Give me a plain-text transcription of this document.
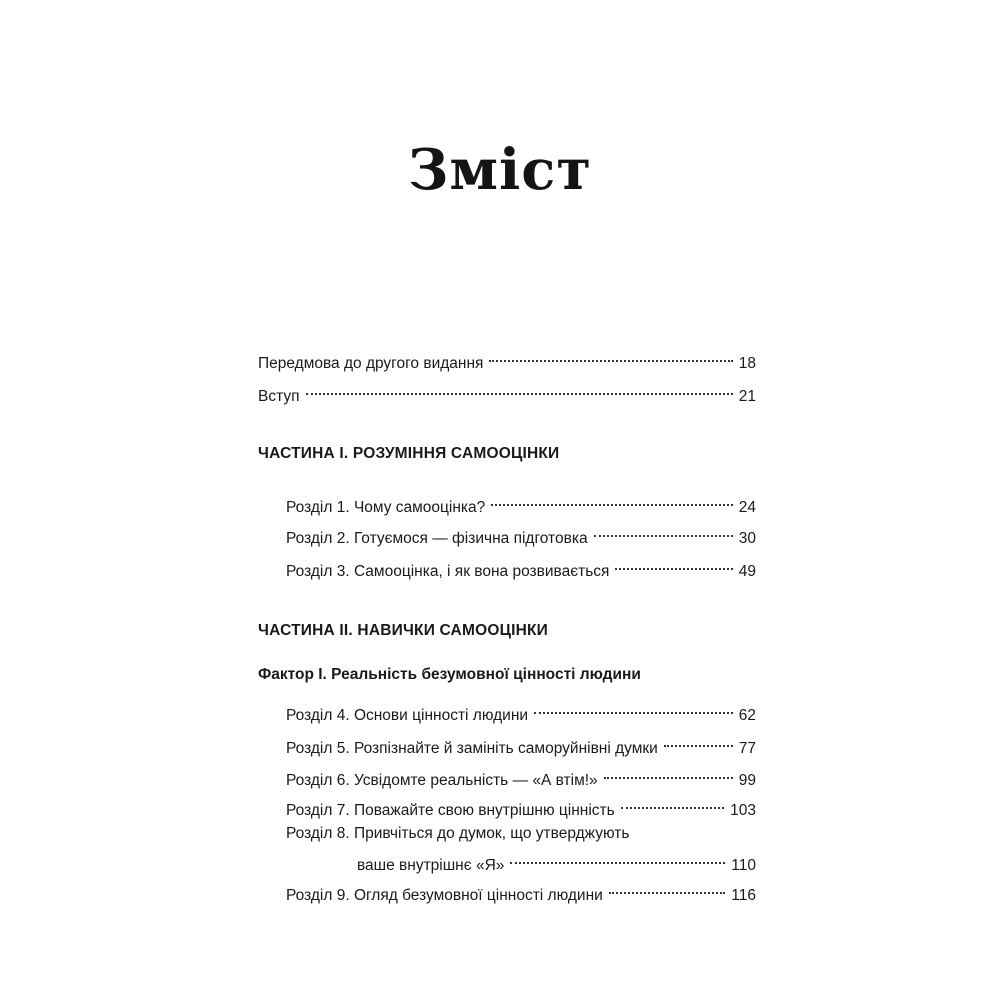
Зміст
Передмова до другого видання	18
Вступ	21
ЧАСТИНА І. РОЗУМІННЯ САМООЦІНКИ
Розділ 1. Чому самооцінка?	24
Розділ 2. Готуємося — фізична підготовка	30
Розділ 3. Самооцінка, і як вона розвивається	49
ЧАСТИНА ІІ. НАВИЧКИ САМООЦІНКИ
Фактор І. Реальність безумовної цінності людини
Розділ 4. Основи цінності людини	62
Розділ 5. Розпізнайте й замініть саморуйнівні думки	77
Розділ 6. Усвідомте реальність — «А втім!»	99
Розділ 7. Поважайте свою внутрішню цінність	103
Розділ 8. Привчіться до думок, що утверджують
ваше внутрішнє «Я»	110
Розділ 9. Огляд безумовної цінності людини	116
